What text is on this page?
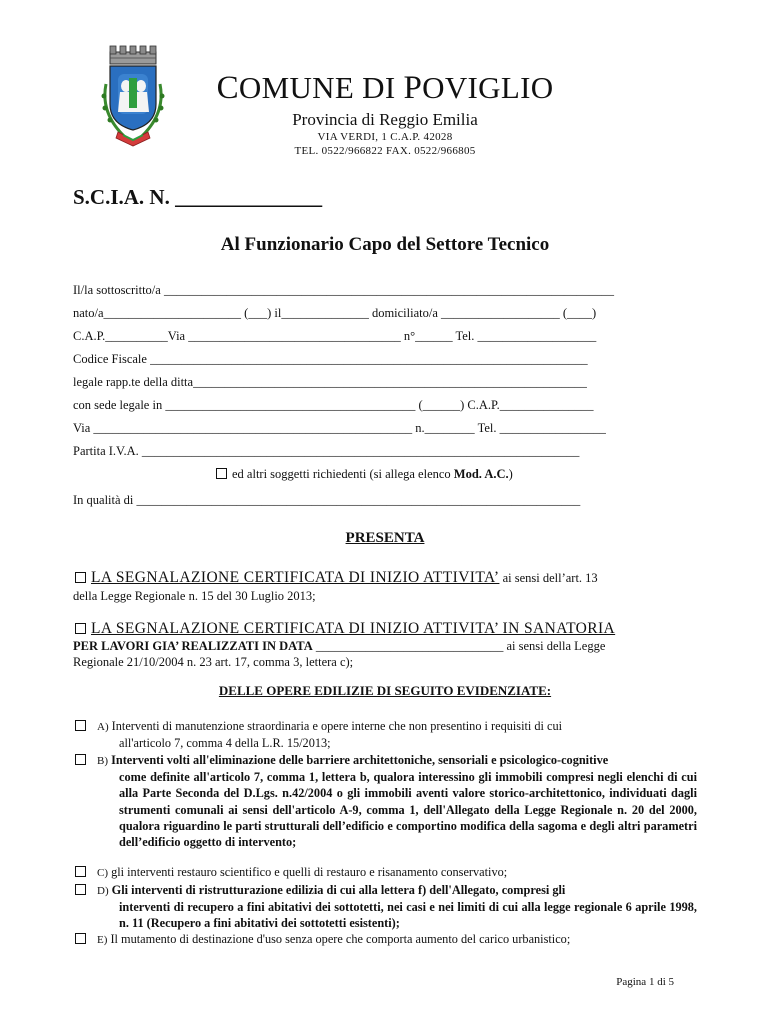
COMUNE DI POVIGLIO
Provincia di Reggio Emilia
VIA VERDI, 1 C.A.P. 42028
TEL. 0522/966822 FAX. 0522/966805
S.C.I.A. N. ______________
Al Funzionario Capo del Settore Tecnico
Il/la sottoscritto/a ________________________________________________________________________
nato/a______________________ (___) il______________ domiciliato/a ___________________ (____)
C.A.P.__________Via __________________________________ n°______ Tel. ___________________
Codice Fiscale ______________________________________________________________________
legale rapp.te della ditta_______________________________________________________________
con sede legale in ________________________________________ (______) C.A.P._______________
Via ___________________________________________________ n.________ Tel. _________________
Partita I.V.A. ______________________________________________________________________
ed altri soggetti richiedenti (si allega elenco Mod. A.C.)
In qualità di _______________________________________________________________________
PRESENTA
LA SEGNALAZIONE CERTIFICATA DI INIZIO ATTIVITA’ ai sensi dell’art. 13
della Legge Regionale n. 15 del 30 Luglio 2013;
LA SEGNALAZIONE CERTIFICATA DI INIZIO ATTIVITA’ IN SANATORIA
PER LAVORI GIA’ REALIZZATI IN DATA ______________________________ ai sensi della Legge
Regionale 21/10/2004 n. 23 art. 17, comma 3, lettera c);
DELLE OPERE EDILIZIE DI SEGUITO EVIDENZIATE:
A) Interventi di manutenzione straordinaria e opere interne che non presentino i requisiti di cui
all'articolo 7, comma 4 della L.R. 15/2013;
B) Interventi volti all'eliminazione delle barriere architettoniche, sensoriali e psicologico-cognitive
come definite all'articolo 7, comma 1, lettera b, qualora interessino gli immobili compresi negli elenchi di cui alla Parte Seconda del D.Lgs. n.42/2004 o gli immobili aventi valore storico-architettonico, individuati dagli strumenti comunali ai sensi dell'articolo A-9, comma 1, dell'Allegato della Legge Regionale n. 20 del 2000, qualora riguardino le parti strutturali dell’edificio e comportino modifica della sagoma e degli altri parametri dell’edificio oggetto di intervento;
C) gli interventi restauro scientifico e quelli di restauro e risanamento conservativo;
D) Gli interventi di ristrutturazione edilizia di cui alla lettera f) dell'Allegato, compresi gli
interventi di recupero a fini abitativi dei sottotetti, nei casi e nei limiti di cui alla legge regionale 6 aprile 1998, n. 11 (Recupero a fini abitativi dei sottotetti esistenti);
E) Il mutamento di destinazione d'uso senza opere che comporta aumento del carico urbanistico;
Pagina 1 di 5
